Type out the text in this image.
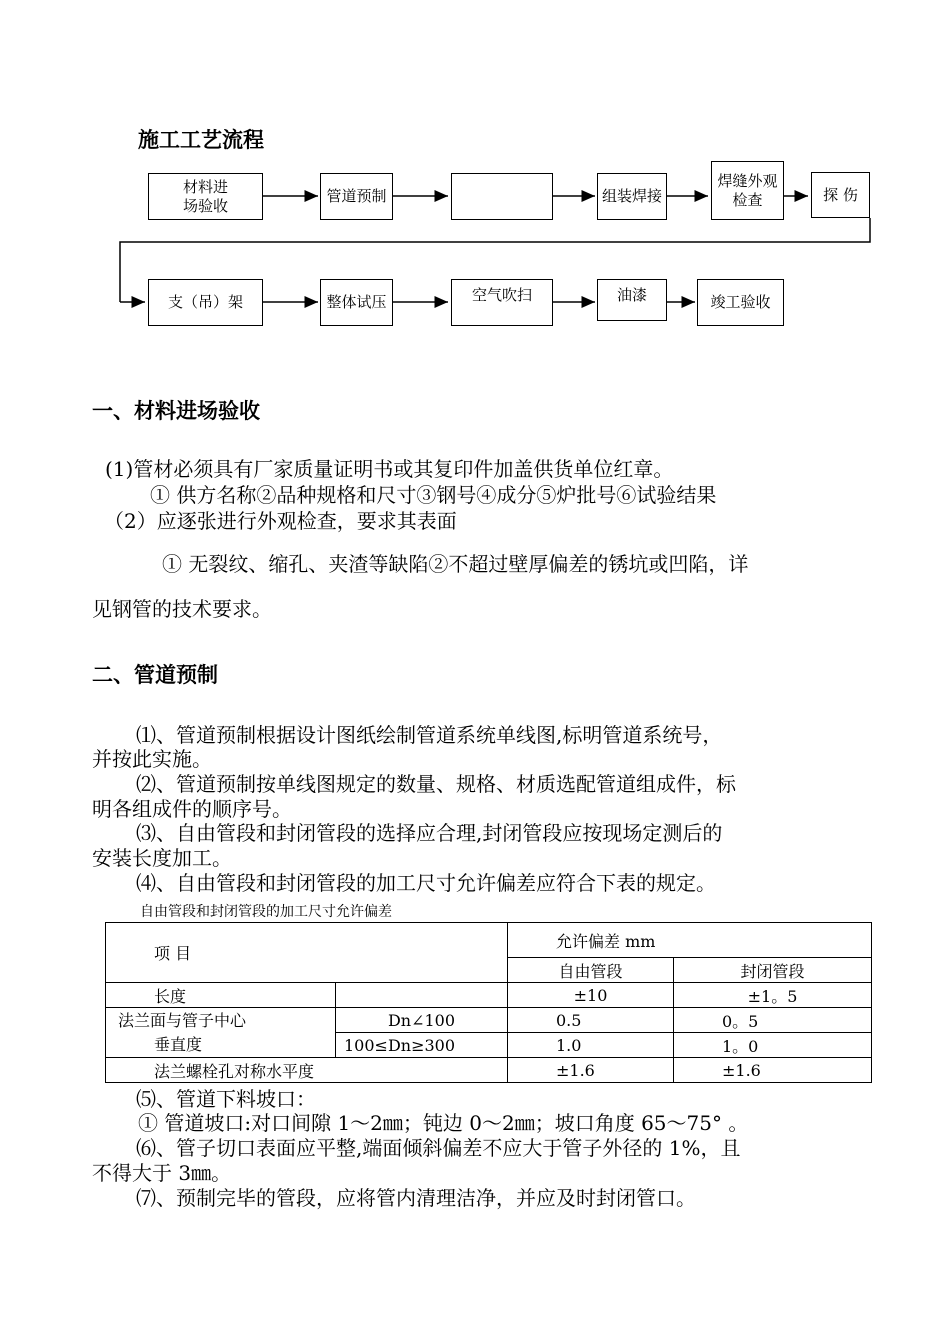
施工工艺流程
材料进
场验收
管道预制	组装焊接
焊缝外观
检查	探 伤
支（吊）架	整体试压	空气吹扫	油漆	竣工验收
一、材料进场验收
(1)管材必须具有厂家质量证明书或其复印件加盖供货单位红章。
① 供方名称②品种规格和尺寸③钢号④成分⑤炉批号⑥试验结果
（2）应逐张进行外观检查，要求其表面
① 无裂纹、缩孔、夹渣等缺陷②不超过壁厚偏差的锈坑或凹陷，详
见钢管的技术要求。
二、管道预制
⑴、管道预制根据设计图纸绘制管道系统单线图,标明管道系统号，
并按此实施。
⑵、管道预制按单线图规定的数量、规格、材质选配管道组成件，标
明各组成件的顺序号。
⑶、自由管段和封闭管段的选择应合理,封闭管段应按现场定测后的
安装长度加工。
⑷、自由管段和封闭管段的加工尺寸允许偏差应符合下表的规定。
自由管段和封闭管段的加工尺寸允许偏差
项 目		允许偏差 mm	
		自由管段	封闭管段
长度		±10	±1。5

法兰面与管子中心
垂直度	Dn∠100	0.5	0。5
	100≤Dn≥300	1.0	1。0
法兰螺栓孔对称水平度		±1.6	±1.6
⑸、管道下料坡口：
① 管道坡口:对口间隙 1～2㎜；钝边 0～2㎜；坡口角度 65～75° 。
⑹、管子切口表面应平整,端面倾斜偏差不应大于管子外径的 1%，且
不得大于 3㎜。
⑺、预制完毕的管段，应将管内清理洁净，并应及时封闭管口。
